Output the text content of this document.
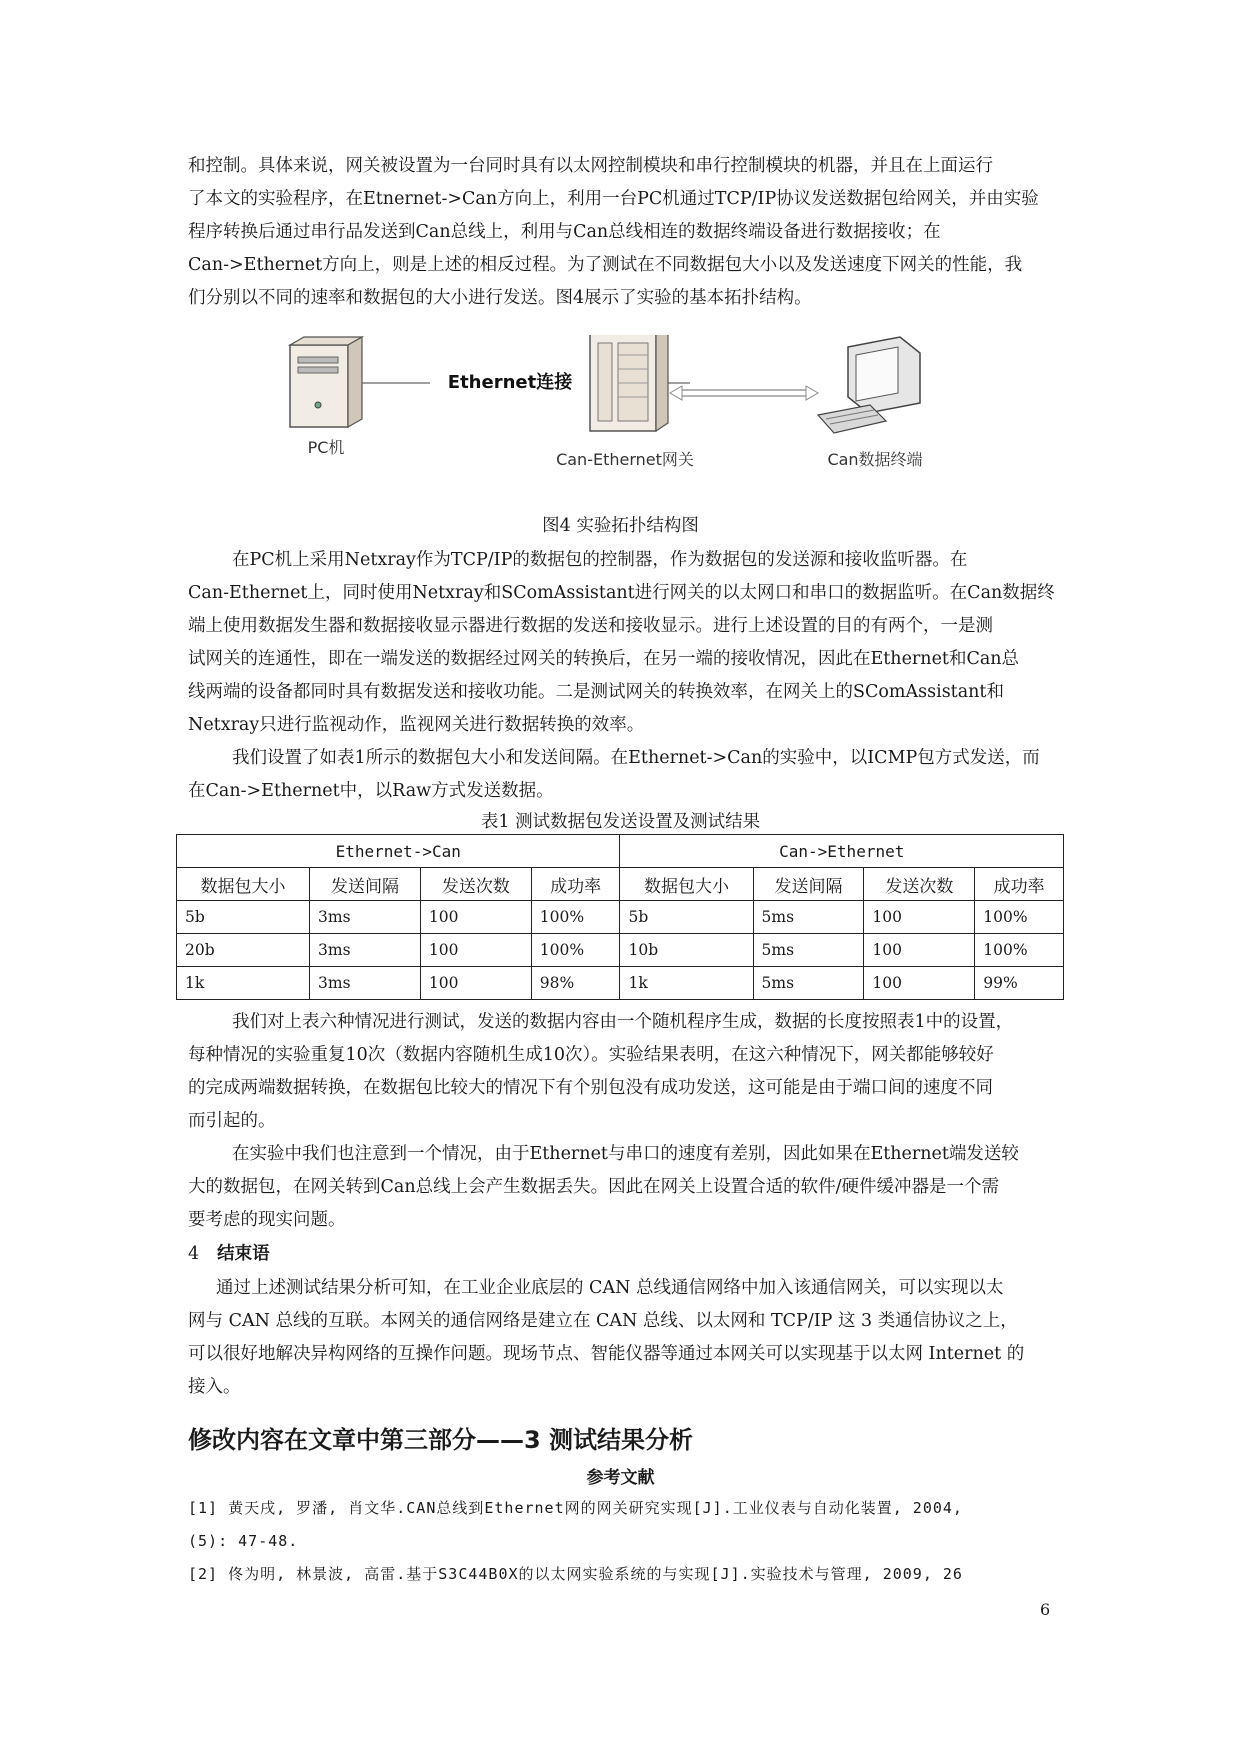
和控制。具体来说，网关被设置为一台同时具有以太网控制模块和串行控制模块的机器，并且在上面运行
了本文的实验程序，在Etnernet->Can方向上，利用一台PC机通过TCP/IP协议发送数据包给网关，并由实验
程序转换后通过串行品发送到Can总线上，利用与Can总线相连的数据终端设备进行数据接收；在
Can->Ethernet方向上，则是上述的相反过程。为了测试在不同数据包大小以及发送速度下网关的性能，我
们分别以不同的速率和数据包的大小进行发送。图4展示了实验的基本拓扑结构。

Ethernet连接
PC机
Can-Ethernet网关	Can数据终端

图4 实验拓扑结构图

在PC机上采用Netxray作为TCP/IP的数据包的控制器，作为数据包的发送源和接收监听器。在

Can-Ethernet上，同时使用Netxray和SComAssistant进行网关的以太网口和串口的数据监听。在Can数据终
端上使用数据发生器和数据接收显示器进行数据的发送和接收显示。进行上述设置的目的有两个，一是测
试网关的连通性，即在一端发送的数据经过网关的转换后，在另一端的接收情况，因此在Ethernet和Can总
线两端的设备都同时具有数据发送和接收功能。二是测试网关的转换效率，在网关上的SComAssistant和
Netxray只进行监视动作，监视网关进行数据转换的效率。

我们设置了如表1所示的数据包大小和发送间隔。在Ethernet->Can的实验中，以ICMP包方式发送，而

在Can->Ethernet中，以Raw方式发送数据。

表1 测试数据包发送设置及测试结果

Ethernet->Can				Can->Ethernet			
数据包大小	发送间隔	发送次数	成功率	数据包大小	发送间隔	发送次数	成功率
5b	3ms	100	100%	5b	5ms	100	100%
20b	3ms	100	100%	10b	5ms	100	100%
1k	3ms	100	98%	1k	5ms	100	99%

我们对上表六种情况进行测试，发送的数据内容由一个随机程序生成，数据的长度按照表1中的设置，

每种情况的实验重复10次（数据内容随机生成10次）。实验结果表明，在这六种情况下，网关都能够较好
的完成两端数据转换，在数据包比较大的情况下有个别包没有成功发送，这可能是由于端口间的速度不同
而引起的。

在实验中我们也注意到一个情况，由于Ethernet与串口的速度有差别，因此如果在Ethernet端发送较

大的数据包，在网关转到Can总线上会产生数据丢失。因此在网关上设置合适的软件/硬件缓冲器是一个需
要考虑的现实问题。

4 结束语

通过上述测试结果分析可知，在工业企业底层的 CAN 总线通信网络中加入该通信网关，可以实现以太

网与 CAN 总线的互联。本网关的通信网络是建立在 CAN 总线、以太网和 TCP/IP 这 3 类通信协议之上，
可以很好地解决异构网络的互操作问题。现场节点、智能仪器等通过本网关可以实现基于以太网 Internet 的
接入。

修改内容在文章中第三部分——3 测试结果分析

参考文献

[1] 黄天戌, 罗潘, 肖文华.CAN总线到Ethernet网的网关研究实现[J].工业仪表与自动化装置, 2004,
(5): 47-48.
[2] 佟为明, 林景波, 高雷.基于S3C44B0X的以太网实验系统的与实现[J].实验技术与管理, 2009, 26

6
